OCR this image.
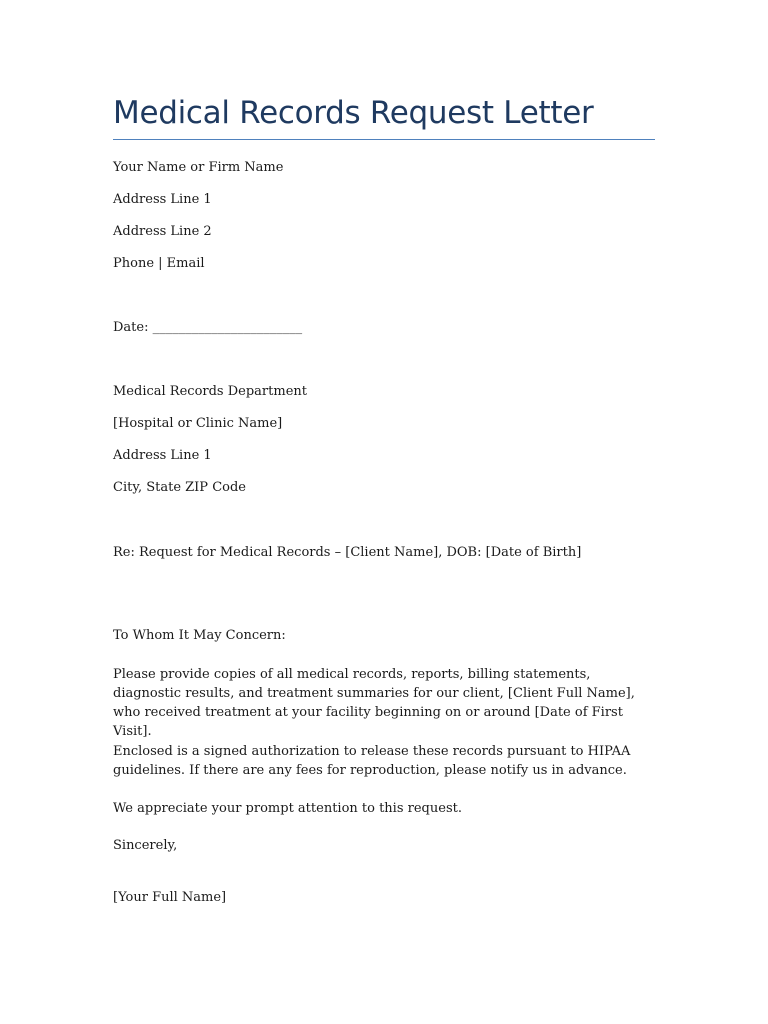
Medical Records Request Letter
Your Name or Firm Name
Address Line 1
Address Line 2
Phone | Email
Date: _______________________
Medical Records Department
[Hospital or Clinic Name]
Address Line 1
City, State ZIP Code
Re: Request for Medical Records – [Client Name], DOB: [Date of Birth]
To Whom It May Concern:
Please provide copies of all medical records, reports, billing statements, diagnostic results, and treatment summaries for our client, [Client Full Name], who received treatment at your facility beginning on or around [Date of First Visit].
Enclosed is a signed authorization to release these records pursuant to HIPAA guidelines. If there are any fees for reproduction, please notify us in advance.
We appreciate your prompt attention to this request.
Sincerely,
[Your Full Name]
